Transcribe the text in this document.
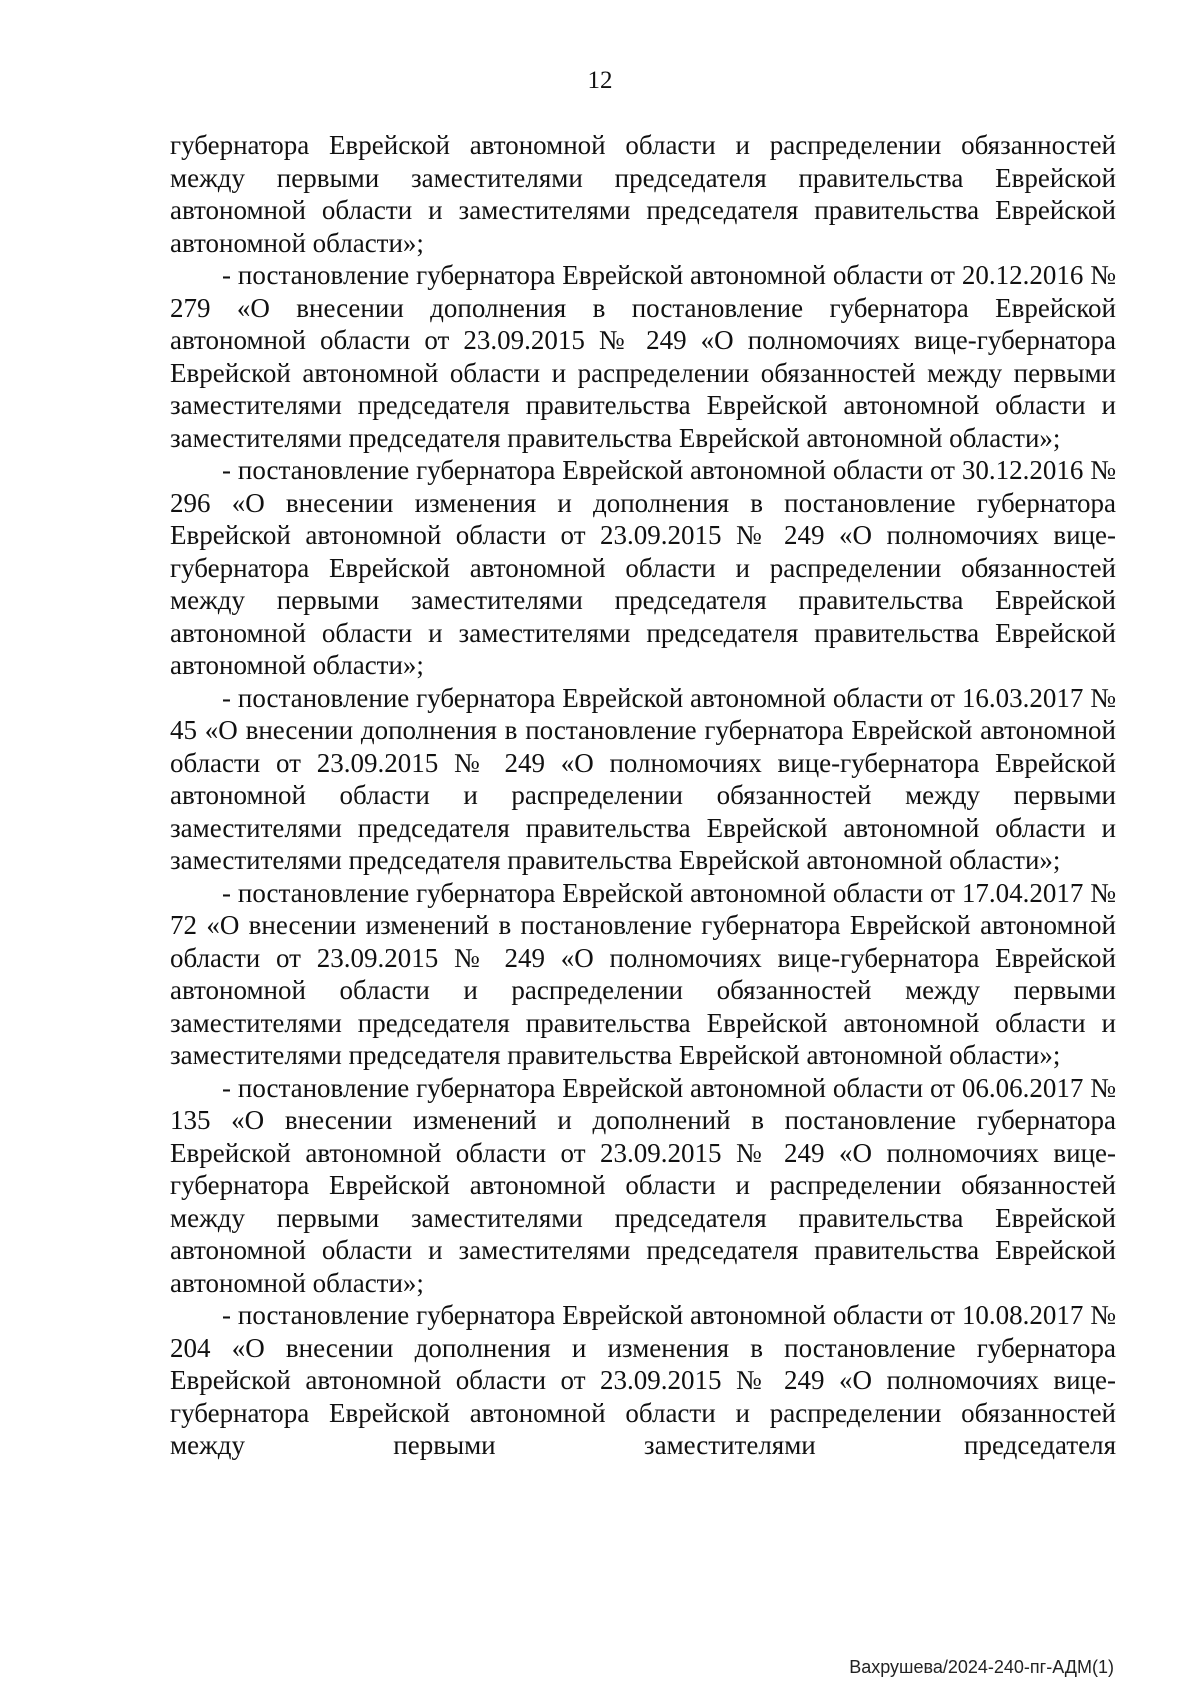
12

губернатора Еврейской автономной области и распределении обязанностей между первыми заместителями председателя правительства Еврейской автономной области и заместителями председателя правительства Еврейской автономной области»;

- постановление губернатора Еврейской автономной области от 20.12.2016 № 279 «О внесении дополнения в постановление губернатора Еврейской автономной области от 23.09.2015 № 249 «О полномочиях вице-губернатора Еврейской автономной области и распределении обязанностей между первыми заместителями председателя правительства Еврейской автономной области и заместителями председателя правительства Еврейской автономной области»;

- постановление губернатора Еврейской автономной области от 30.12.2016 № 296 «О внесении изменения и дополнения в постановление губернатора Еврейской автономной области от 23.09.2015 № 249 «О полномочиях вице-губернатора Еврейской автономной области и распределении обязанностей между первыми заместителями председателя правительства Еврейской автономной области и заместителями председателя правительства Еврейской автономной области»;

- постановление губернатора Еврейской автономной области от 16.03.2017 № 45 «О внесении дополнения в постановление губернатора Еврейской автономной области от 23.09.2015 № 249 «О полномочиях вице-губернатора Еврейской автономной области и распределении обязанностей между первыми заместителями председателя правительства Еврейской автономной области и заместителями председателя правительства Еврейской автономной области»;

- постановление губернатора Еврейской автономной области от 17.04.2017 № 72 «О внесении изменений в постановление губернатора Еврейской автономной области от 23.09.2015 № 249 «О полномочиях вице-губернатора Еврейской автономной области и распределении обязанностей между первыми заместителями председателя правительства Еврейской автономной области и заместителями председателя правительства Еврейской автономной области»;

- постановление губернатора Еврейской автономной области от 06.06.2017 № 135 «О внесении изменений и дополнений в постановление губернатора Еврейской автономной области от 23.09.2015 № 249 «О полномочиях вице-губернатора Еврейской автономной области и распределении обязанностей между первыми заместителями председателя правительства Еврейской автономной области и заместителями председателя правительства Еврейской автономной области»;

- постановление губернатора Еврейской автономной области от 10.08.2017 № 204 «О внесении дополнения и изменения в постановление губернатора Еврейской автономной области от 23.09.2015 № 249 «О полномочиях вице-губернатора Еврейской автономной области и распределении обязанностей между первыми заместителями председателя

Вахрушева/2024-240-пг-АДМ(1)
